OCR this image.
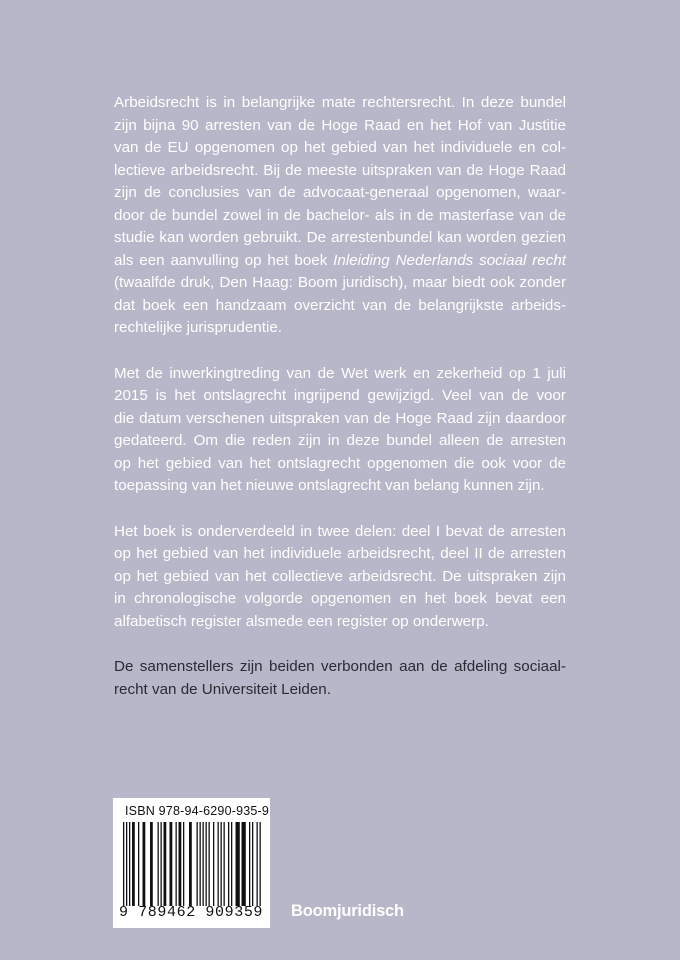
Arbeidsrecht is in belangrijke mate rechtersrecht. In deze bundel
zijn bijna 90 arresten van de Hoge Raad en het Hof van Justitie
van de EU opgenomen op het gebied van het individuele en col-
lectieve arbeidsrecht. Bij de meeste uitspraken van de Hoge Raad
zijn de conclusies van de advocaat-generaal opgenomen, waar-
door de bundel zowel in de bachelor- als in de masterfase van de
studie kan worden gebruikt. De arrestenbundel kan worden gezien
als een aanvulling op het boek Inleiding Nederlands sociaal recht
(twaalfde druk, Den Haag: Boom juridisch), maar biedt ook zonder
dat boek een handzaam overzicht van de belangrijkste arbeids-
rechtelijke jurisprudentie.
Met de inwerkingtreding van de Wet werk en zekerheid op 1 juli
2015 is het ontslagrecht ingrijpend gewijzigd. Veel van de voor
die datum verschenen uitspraken van de Hoge Raad zijn daardoor
gedateerd. Om die reden zijn in deze bundel alleen de arresten
op het gebied van het ontslagrecht opgenomen die ook voor de
toepassing van het nieuwe ontslagrecht van belang kunnen zijn.
Het boek is onderverdeeld in twee delen: deel I bevat de arresten
op het gebied van het individuele arbeidsrecht, deel II de arresten
op het gebied van het collectieve arbeidsrecht. De uitspraken zijn
in chronologische volgorde opgenomen en het boek bevat een
alfabetisch register alsmede een register op onderwerp.
De samenstellers zijn beiden verbonden aan de afdeling sociaal-
recht van de Universiteit Leiden.
ISBN 978-94-6290-935-9
9 789462 909359 Boomjuridisch
